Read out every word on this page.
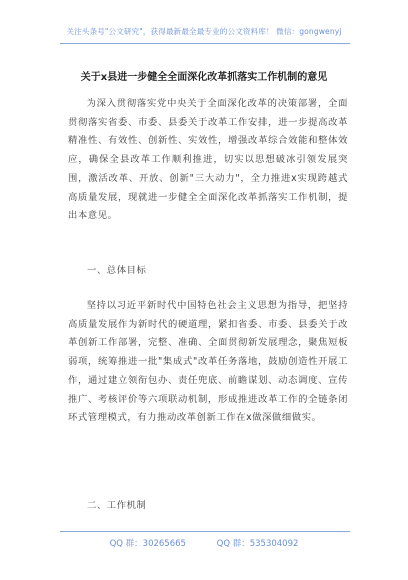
关注头条号"公文研究"，获得最新最全最专业的公文资料库！ 微信：gongwenyj
关于x县进一步健全全面深化改革抓落实工作机制的意见
为深入贯彻落实党中央关于全面深化改革的决策部署，全面贯彻落实省委、市委、县委关于改革工作安排，进一步提高改革精准性、有效性、创新性、实效性，增强改革综合效能和整体效应，确保全县改革工作顺利推进，切实以思想破冰引领发展突围，激活改革、开放、创新"三大动力"，全力推进x实现跨越式高质量发展，现就进一步健全全面深化改革抓落实工作机制，提出本意见。
一、总体目标
坚持以习近平新时代中国特色社会主义思想为指导，把坚持高质量发展作为新时代的硬道理，紧扣省委、市委、县委关于改革创新工作部署，完整、准确、全面贯彻新发展理念，聚焦短板弱项，统筹推进一批"集成式"改革任务落地，鼓励创造性开展工作，通过建立领衔包办、责任兜底、前瞻谋划、动态调度、宣传推广、考核评价等六项联动机制，形成推进改革工作的全链条闭环式管理模式，有力推动改革创新工作在x做深做细做实。
二、工作机制
QQ 群：30265665	QQ 群：535304092
